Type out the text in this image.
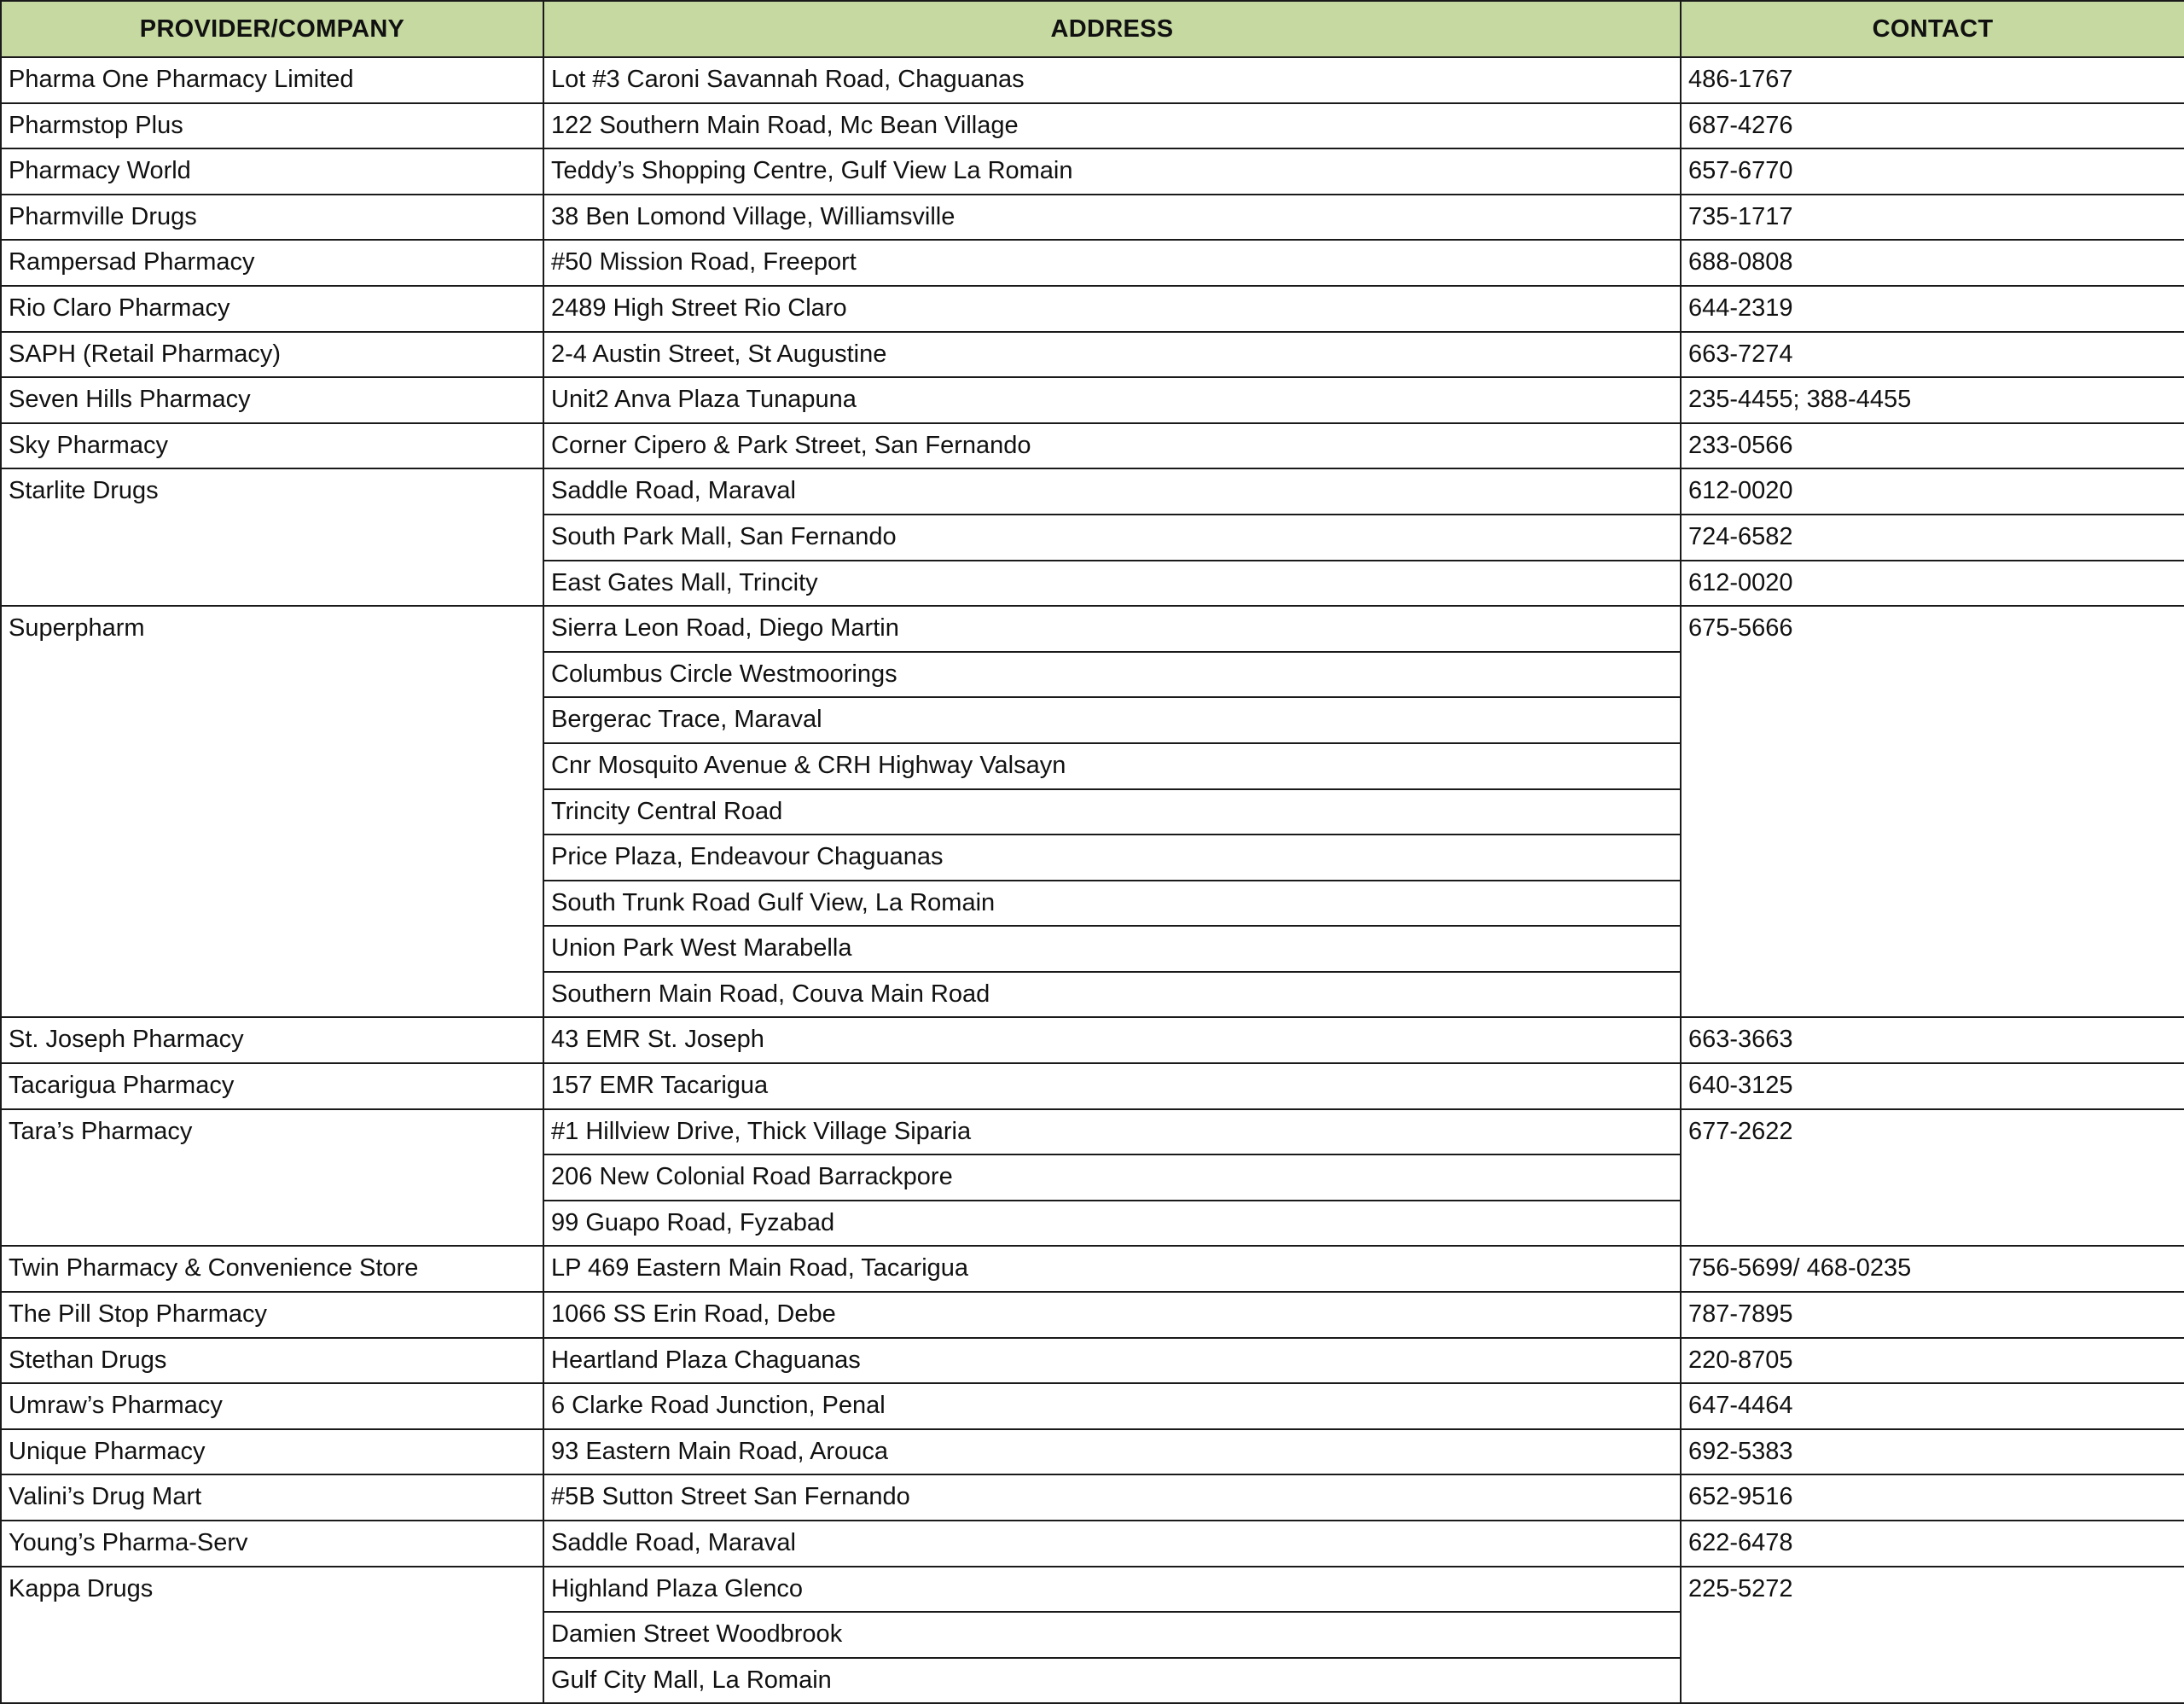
PROVIDER/COMPANY	ADDRESS	CONTACT
Pharma One Pharmacy Limited	Lot #3 Caroni Savannah Road, Chaguanas	486-1767
Pharmstop Plus	122 Southern Main Road, Mc Bean Village	687-4276
Pharmacy World	Teddy’s Shopping Centre, Gulf View La Romain	657-6770
Pharmville Drugs	38 Ben Lomond Village, Williamsville	735-1717
Rampersad Pharmacy	#50 Mission Road, Freeport	688-0808
Rio Claro Pharmacy	2489 High Street Rio Claro	644-2319
SAPH (Retail Pharmacy)	2-4 Austin Street, St Augustine	663-7274
Seven Hills Pharmacy	Unit2 Anva Plaza Tunapuna	235-4455; 388-4455
Sky Pharmacy	Corner Cipero & Park Street, San Fernando	233-0566
Starlite Drugs	Saddle Road, Maraval	612-0020
	South Park Mall, San Fernando	724-6582
	East Gates Mall, Trincity	612-0020
Superpharm	Sierra Leon Road, Diego Martin	675-5666
	Columbus Circle Westmoorings	
	Bergerac Trace, Maraval	
	Cnr Mosquito Avenue & CRH Highway Valsayn	
	Trincity Central Road	
	Price Plaza, Endeavour Chaguanas	
	South Trunk Road Gulf View, La Romain	
	Union Park West Marabella	
	Southern Main Road, Couva Main Road	
St. Joseph Pharmacy	43 EMR St. Joseph	663-3663
Tacarigua Pharmacy	157 EMR Tacarigua	640-3125
Tara’s Pharmacy	#1 Hillview Drive, Thick Village Siparia	677-2622
	206 New Colonial Road Barrackpore	
	99 Guapo Road, Fyzabad	
Twin Pharmacy & Convenience Store	LP 469 Eastern Main Road, Tacarigua	756-5699/ 468-0235
The Pill Stop Pharmacy	1066 SS Erin Road, Debe	787-7895
Stethan Drugs	Heartland Plaza Chaguanas	220-8705
Umraw’s Pharmacy	6 Clarke Road Junction, Penal	647-4464
Unique Pharmacy	93 Eastern Main Road, Arouca	692-5383
Valini’s Drug Mart	#5B Sutton Street San Fernando	652-9516
Young’s Pharma-Serv	Saddle Road, Maraval	622-6478
Kappa Drugs	Highland Plaza Glenco	225-5272
	Damien Street Woodbrook	
	Gulf City Mall, La Romain	
